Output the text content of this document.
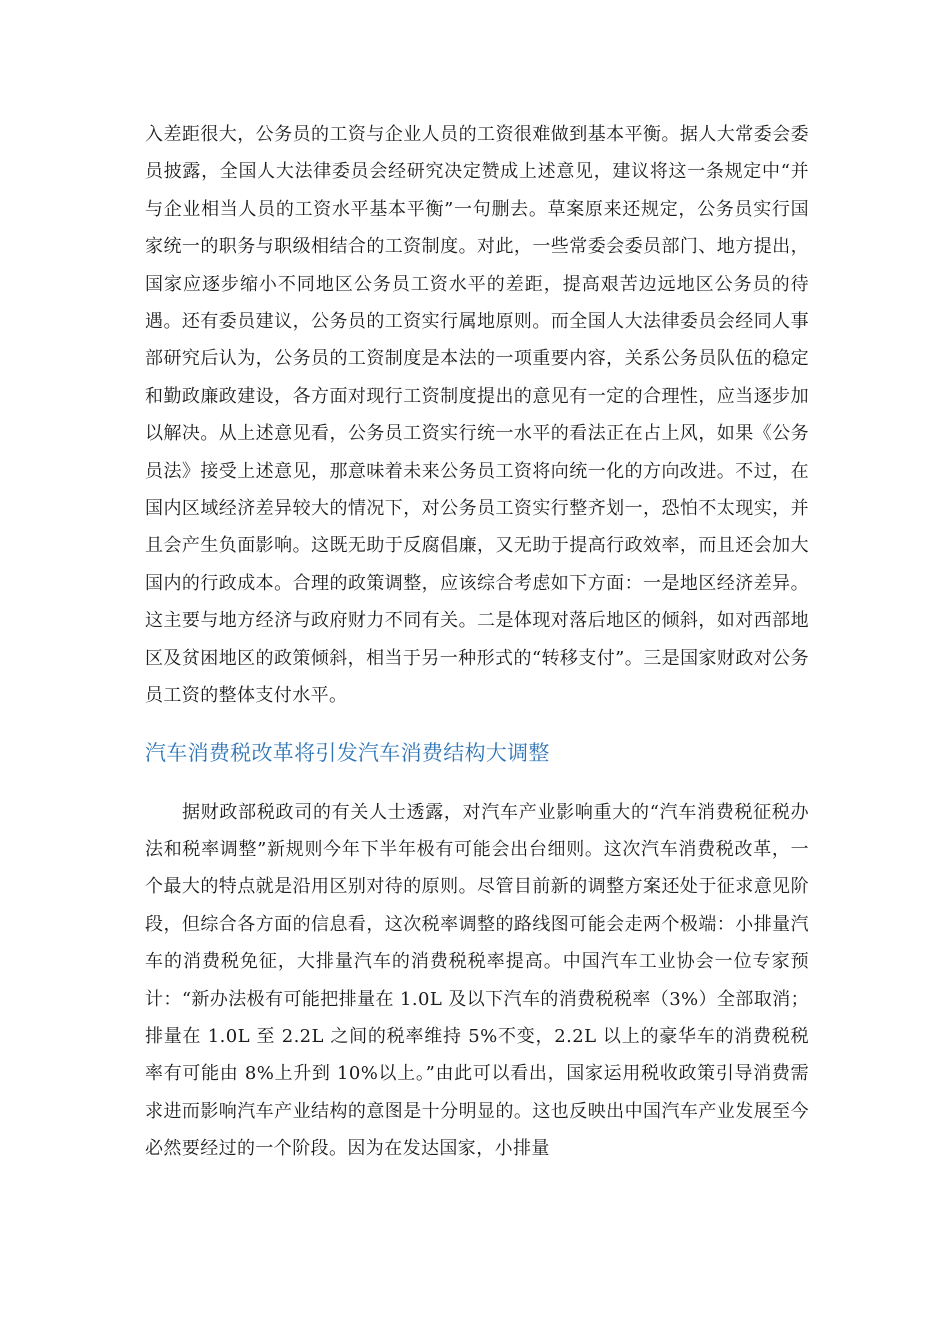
入差距很大，公务员的工资与企业人员的工资很难做到基本平衡。据人大常委会委员披露，全国人大法律委员会经研究决定赞成上述意见，建议将这一条规定中“并与企业相当人员的工资水平基本平衡”一句删去。草案原来还规定，公务员实行国家统一的职务与职级相结合的工资制度。对此，一些常委会委员部门、地方提出，国家应逐步缩小不同地区公务员工资水平的差距，提高艰苦边远地区公务员的待遇。还有委员建议，公务员的工资实行属地原则。而全国人大法律委员会经同人事部研究后认为，公务员的工资制度是本法的一项重要内容，关系公务员队伍的稳定和勤政廉政建设，各方面对现行工资制度提出的意见有一定的合理性，应当逐步加以解决。从上述意见看，公务员工资实行统一水平的看法正在占上风，如果《公务员法》接受上述意见，那意味着未来公务员工资将向统一化的方向改进。不过，在国内区域经济差异较大的情况下，对公务员工资实行整齐划一，恐怕不太现实，并且会产生负面影响。这既无助于反腐倡廉，又无助于提高行政效率，而且还会加大国内的行政成本。合理的政策调整，应该综合考虑如下方面：一是地区经济差异。这主要与地方经济与政府财力不同有关。二是体现对落后地区的倾斜，如对西部地区及贫困地区的政策倾斜，相当于另一种形式的“转移支付”。三是国家财政对公务员工资的整体支付水平。

汽车消费税改革将引发汽车消费结构大调整

据财政部税政司的有关人士透露，对汽车产业影响重大的“汽车消费税征税办法和税率调整”新规则今年下半年极有可能会出台细则。这次汽车消费税改革，一个最大的特点就是沿用区别对待的原则。尽管目前新的调整方案还处于征求意见阶段，但综合各方面的信息看，这次税率调整的路线图可能会走两个极端：小排量汽车的消费税免征，大排量汽车的消费税税率提高。中国汽车工业协会一位专家预计：“新办法极有可能把排量在 1.0L 及以下汽车的消费税税率（3%）全部取消；排量在 1.0L 至 2.2L 之间的税率维持 5%不变，2.2L 以上的豪华车的消费税税率有可能由 8%上升到 10%以上。”由此可以看出，国家运用税收政策引导消费需求进而影响汽车产业结构的意图是十分明显的。这也反映出中国汽车产业发展至今必然要经过的一个阶段。因为在发达国家，小排量
